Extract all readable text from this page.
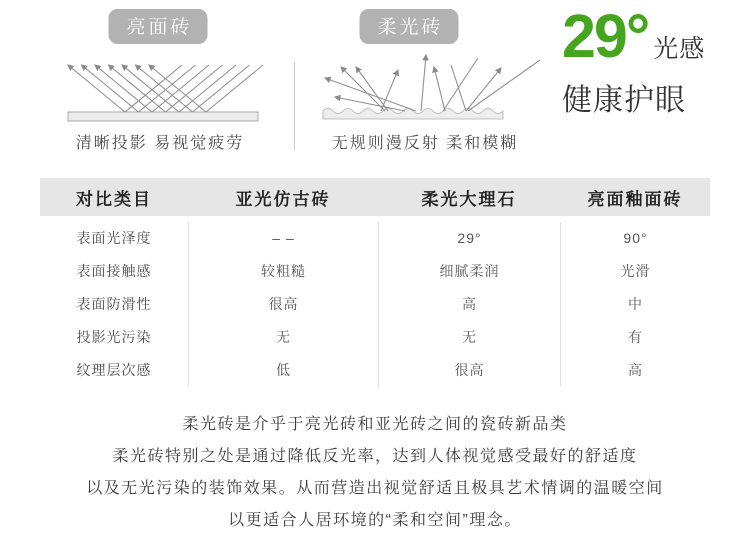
亮面砖	柔光砖
清晰投影 易视觉疲劳	无规则漫反射 柔和模糊
29° 光感
健康护眼
对比类目	亚光仿古砖	柔光大理石	亮面釉面砖
表面光泽度	– –	29°	90°
表面接触感	较粗糙	细腻柔润	光滑
表面防滑性	很高	高	中
投影光污染	无	无	有
纹理层次感	低	很高	高

柔光砖是介乎于亮光砖和亚光砖之间的瓷砖新品类

柔光砖特别之处是通过降低反光率，达到人体视觉感受最好的舒适度

以及无光污染的装饰效果。从而营造出视觉舒适且极具艺术情调的温暖空间

以更适合人居环境的“柔和空间”理念。
